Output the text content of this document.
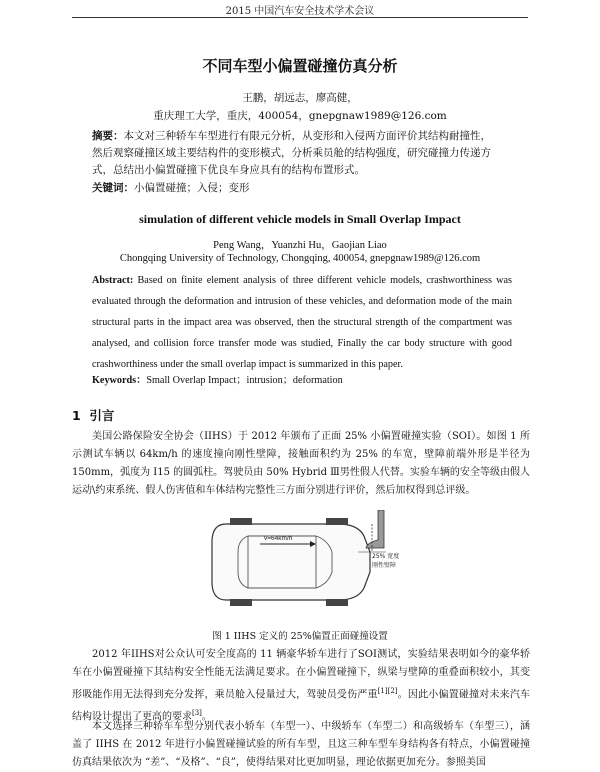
2015 中国汽车安全技术学术会议
不同车型小偏置碰撞仿真分析
王鹏，胡远志，廖高健，
重庆理工大学，重庆，400054，gnepgnaw1989@126.com
摘要：本文对三种轿车车型进行有限元分析，从变形和入侵两方面评价其结构耐撞性，
然后观察碰撞区域主要结构件的变形模式，分析乘员舱的结构强度，研究碰撞力传递方
式，总结出小偏置碰撞下优良车身应具有的结构布置形式。
关键词：小偏置碰撞；入侵；变形
simulation of different vehicle models in Small Overlap Impact
Peng Wang，Yuanzhi Hu，Gaojian Liao
Chongqing University of Technology, Chongqing, 400054, gnepgnaw1989@126.com
Abstract: Based on finite element analysis of three different vehicle models, crashworthiness was evaluated through the deformation and intrusion of these vehicles, and deformation mode of the main structural parts in the impact area was observed, then the structural strength of the compartment was analysed, and collision force transfer mode was studied, Finally the car body structure with good crashworthiness under the small overlap impact is summarized in this paper.
Keywords：Small Overlap Impact；intrusion；deformation
1 引言
美国公路保险安全协会（IIHS）于 2012 年颁布了正面 25% 小偏置碰撞实验（SOI）。如图 1 所示测试车辆以 64km/h 的速度撞向刚性壁障，接触面积约为 25% 的车宽，壁障前端外形是半径为 150mm，弧度为 I15 的圆弧柱。驾驶员由 50% Hybrid Ⅲ男性假人代替。实验车辆的安全等级由假人运动\约束系统、假人伤害值和车体结构完整性三方面分别进行评价，然后加权得到总评级。
v=64km/h
25% 宽度
刚性壁障
图 1 IIHS 定义的 25%偏置正面碰撞设置
2012 年IIHS对公众认可安全度高的 11 辆豪华轿车进行了SOI测试，实验结果表明如今的豪华轿车在小偏置碰撞下其结构安全性能无法满足要求。在小偏置碰撞下，纵梁与壁障的重叠面积较小，其变形吸能作用无法得到充分发挥，乘员舱入侵量过大，驾驶员受伤严重[1][2]。因此小偏置碰撞对未来汽车结构设计提出了更高的要求[3]。
本文选择三种轿车车型分别代表小轿车（车型一）、中级轿车（车型二）和高级轿车（车型三），涵盖了 IIHS 在 2012 年进行小偏置碰撞试验的所有车型，且这三种车型车身结构各有特点，小偏置碰撞仿真结果依次为 “差”、“及格”、“良”，使得结果对比更加明显，理论依据更加充分。参照美国
